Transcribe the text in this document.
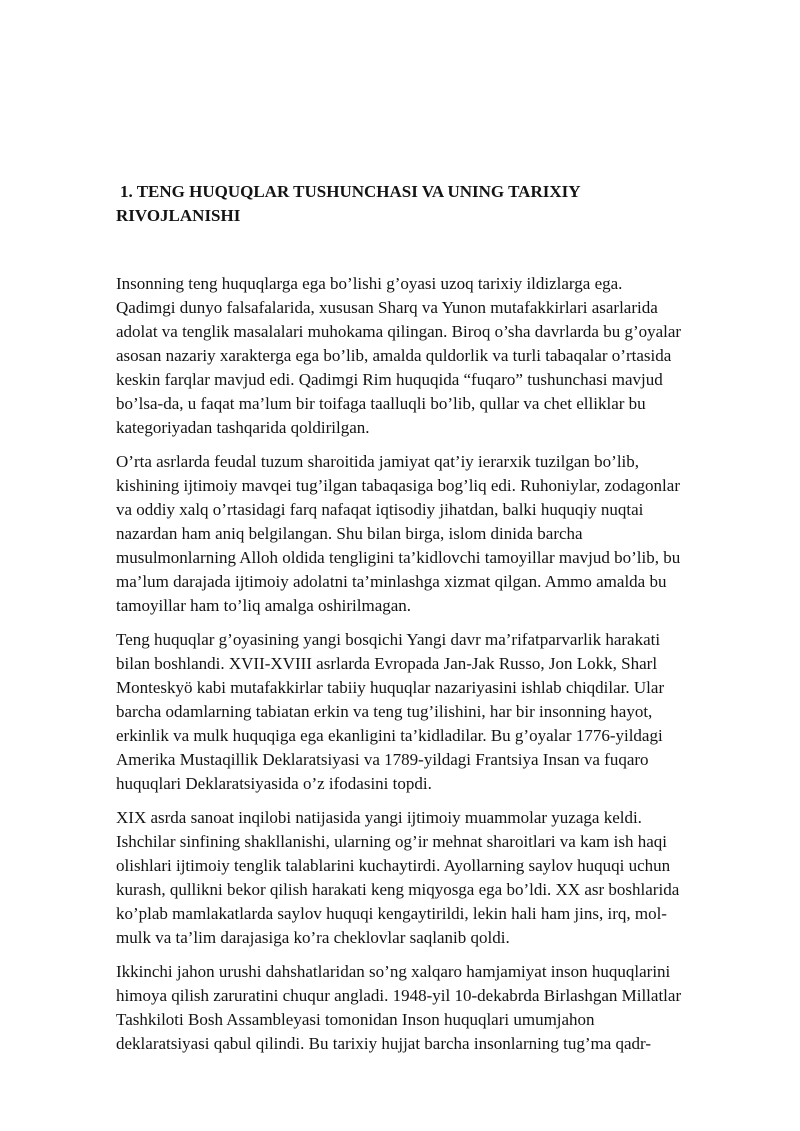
1. TENG HUQUQLAR TUSHUNCHASI VA UNING TARIXIY
RIVOJLANISHI

Insonning teng huquqlarga ega bo’lishi g’oyasi uzoq tarixiy ildizlarga ega.
Qadimgi dunyo falsafalarida, xususan Sharq va Yunon mutafakkirlari asarlarida
adolat va tenglik masalalari muhokama qilingan. Biroq o’sha davrlarda bu g’oyalar
asosan nazariy xarakterga ega bo’lib, amalda quldorlik va turli tabaqalar o’rtasida
keskin farqlar mavjud edi. Qadimgi Rim huquqida “fuqaro” tushunchasi mavjud
bo’lsa-da, u faqat ma’lum bir toifaga taalluqli bo’lib, qullar va chet elliklar bu
kategoriyadan tashqarida qoldirilgan.

O’rta asrlarda feudal tuzum sharoitida jamiyat qat’iy ierarxik tuzilgan bo’lib,
kishining ijtimoiy mavqei tug’ilgan tabaqasiga bog’liq edi. Ruhoniylar, zodagonlar
va oddiy xalq o’rtasidagi farq nafaqat iqtisodiy jihatdan, balki huquqiy nuqtai
nazardan ham aniq belgilangan. Shu bilan birga, islom dinida barcha
musulmonlarning Alloh oldida tengligini ta’kidlovchi tamoyillar mavjud bo’lib, bu
ma’lum darajada ijtimoiy adolatni ta’minlashga xizmat qilgan. Ammo amalda bu
tamoyillar ham to’liq amalga oshirilmagan.

Teng huquqlar g’oyasining yangi bosqichi Yangi davr ma’rifatparvarlik harakati
bilan boshlandi. XVII-XVIII asrlarda Evropada Jan-Jak Russo, Jon Lokk, Sharl
Monteskyö kabi mutafakkirlar tabiiy huquqlar nazariyasini ishlab chiqdilar. Ular
barcha odamlarning tabiatan erkin va teng tug’ilishini, har bir insonning hayot,
erkinlik va mulk huquqiga ega ekanligini ta’kidladilar. Bu g’oyalar 1776-yildagi
Amerika Mustaqillik Deklaratsiyasi va 1789-yildagi Frantsiya Insan va fuqaro
huquqlari Deklaratsiyasida o’z ifodasini topdi.

XIX asrda sanoat inqilobi natijasida yangi ijtimoiy muammolar yuzaga keldi.
Ishchilar sinfining shakllanishi, ularning og’ir mehnat sharoitlari va kam ish haqi
olishlari ijtimoiy tenglik talablarini kuchaytirdi. Ayollarning saylov huquqi uchun
kurash, qullikni bekor qilish harakati keng miqyosga ega bo’ldi. XX asr boshlarida
ko’plab mamlakatlarda saylov huquqi kengaytirildi, lekin hali ham jins, irq, mol-
mulk va ta’lim darajasiga ko’ra cheklovlar saqlanib qoldi.

Ikkinchi jahon urushi dahshatlaridan so’ng xalqaro hamjamiyat inson huquqlarini
himoya qilish zaruratini chuqur angladi. 1948-yil 10-dekabrda Birlashgan Millatlar
Tashkiloti Bosh Assambleyasi tomonidan Inson huquqlari umumjahon
deklaratsiyasi qabul qilindi. Bu tarixiy hujjat barcha insonlarning tug’ma qadr-
